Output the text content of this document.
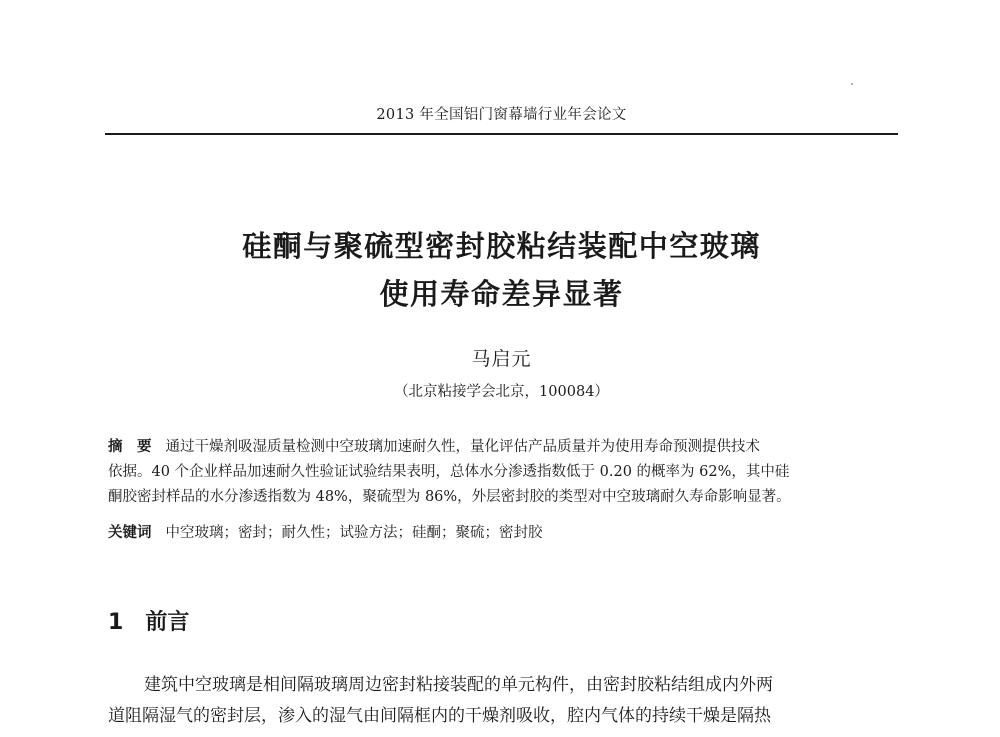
2013 年全国铝门窗幕墙行业年会论文
硅酮与聚硫型密封胶粘结装配中空玻璃
使用寿命差异显著
马启元
（北京粘接学会北京，100084）
摘　要 通过干燥剂吸湿质量检测中空玻璃加速耐久性，量化评估产品质量并为使用寿命预测提供技术
依据。40 个企业样品加速耐久性验证试验结果表明，总体水分渗透指数低于 0.20 的概率为 62%，其中硅
酮胶密封样品的水分渗透指数为 48%，聚硫型为 86%，外层密封胶的类型对中空玻璃耐久寿命影响显著。
关键词 中空玻璃；密封；耐久性；试验方法；硅酮；聚硫；密封胶
1 前言
建筑中空玻璃是相间隔玻璃周边密封粘接装配的单元构件，由密封胶粘结组成内外两
道阻隔湿气的密封层，渗入的湿气由间隔框内的干燥剂吸收，腔内气体的持续干燥是隔热
